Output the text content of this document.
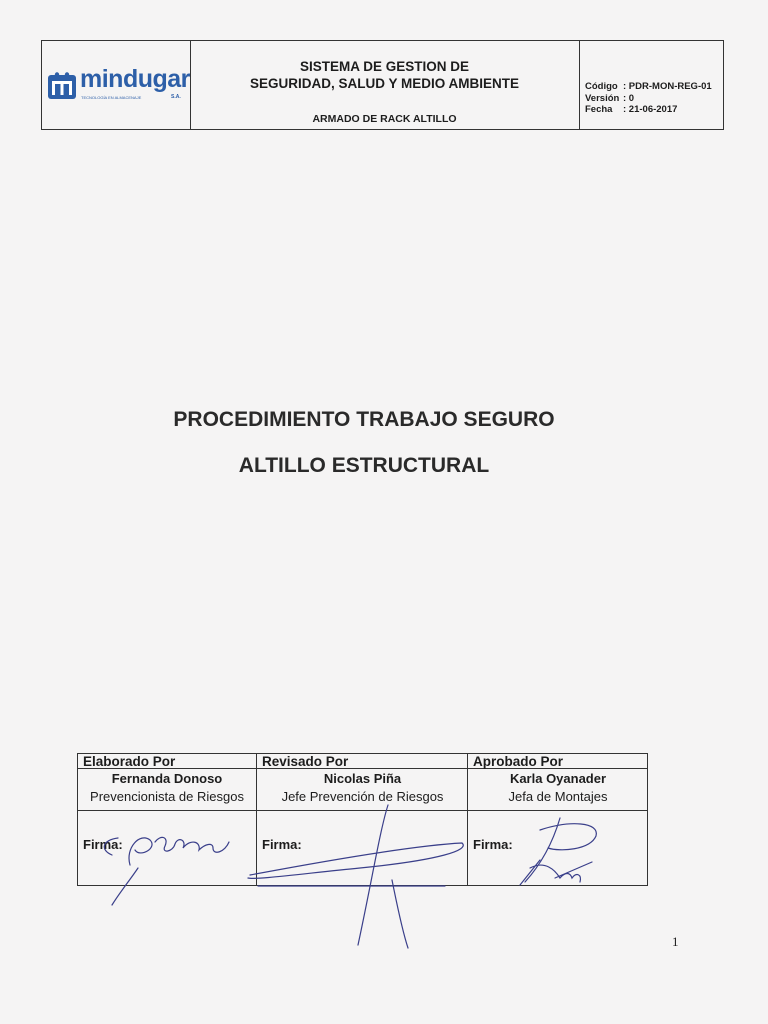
mindugar
TECNOLOGÍA EN ALMACENAJE	S.A.
SISTEMA DE GESTION DE
SEGURIDAD, SALUD Y MEDIO AMBIENTE
ARMADO DE RACK ALTILLO
Código : PDR-MON-REG-01
Versión : 0
Fecha : 21-06-2017
PROCEDIMIENTO TRABAJO SEGURO
ALTILLO ESTRUCTURAL
Elaborado Por
Fernanda Donoso
Prevencionista de Riesgos
Firma:
Revisado Por
Nicolas Piña
Jefe Prevención de Riesgos
Firma:
Aprobado Por
Karla Oyanader
Jefa de Montajes
Firma:
1
